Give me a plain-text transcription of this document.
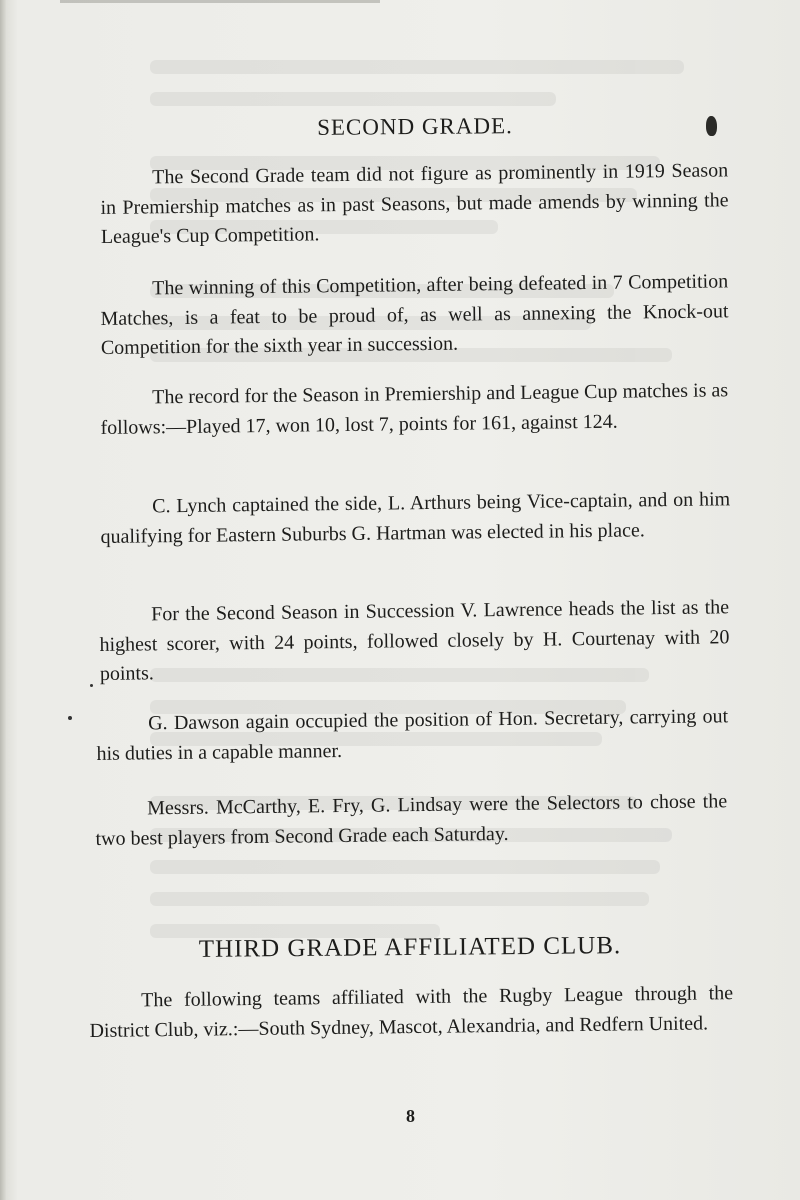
SECOND GRADE.
The Second Grade team did not figure as prominently in 1919 Season in Premiership matches as in past Seasons, but made amends by winning the League's Cup Competition.
The winning of this Competition, after being defeated in 7 Competition Matches, is a feat to be proud of, as well as annexing the Knock-out Competition for the sixth year in succession.
The record for the Season in Premiership and League Cup matches is as follows:—Played 17, won 10, lost 7, points for 161, against 124.
C. Lynch captained the side, L. Arthurs being Vice-captain, and on him qualifying for Eastern Suburbs G. Hartman was elected in his place.
For the Second Season in Succession V. Lawrence heads the list as the highest scorer, with 24 points, followed closely by H. Courtenay with 20 points.
G. Dawson again occupied the position of Hon. Secretary, carrying out his duties in a capable manner.
Messrs. McCarthy, E. Fry, G. Lindsay were the Selectors to chose the two best players from Second Grade each Saturday.
THIRD GRADE AFFILIATED CLUB.
The following teams affiliated with the Rugby League through the District Club, viz.:—South Sydney, Mascot, Alexandria, and Redfern United.
8
